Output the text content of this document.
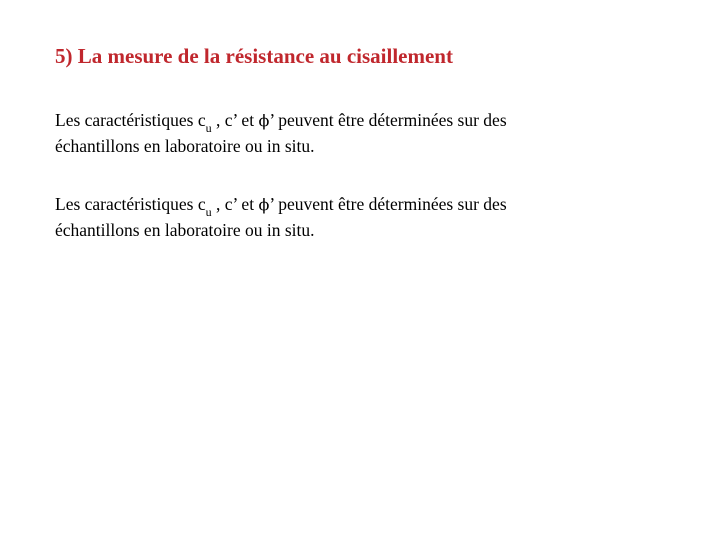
5) La mesure de la résistance au cisaillement
Les caractéristiques $c_u$ , c’ et ϕ’ peuvent être déterminées sur des
échantillons en laboratoire ou in situ.
Les caractéristiques $c_u$ , c’ et ϕ’ peuvent être déterminées sur des
échantillons en laboratoire ou in situ.
